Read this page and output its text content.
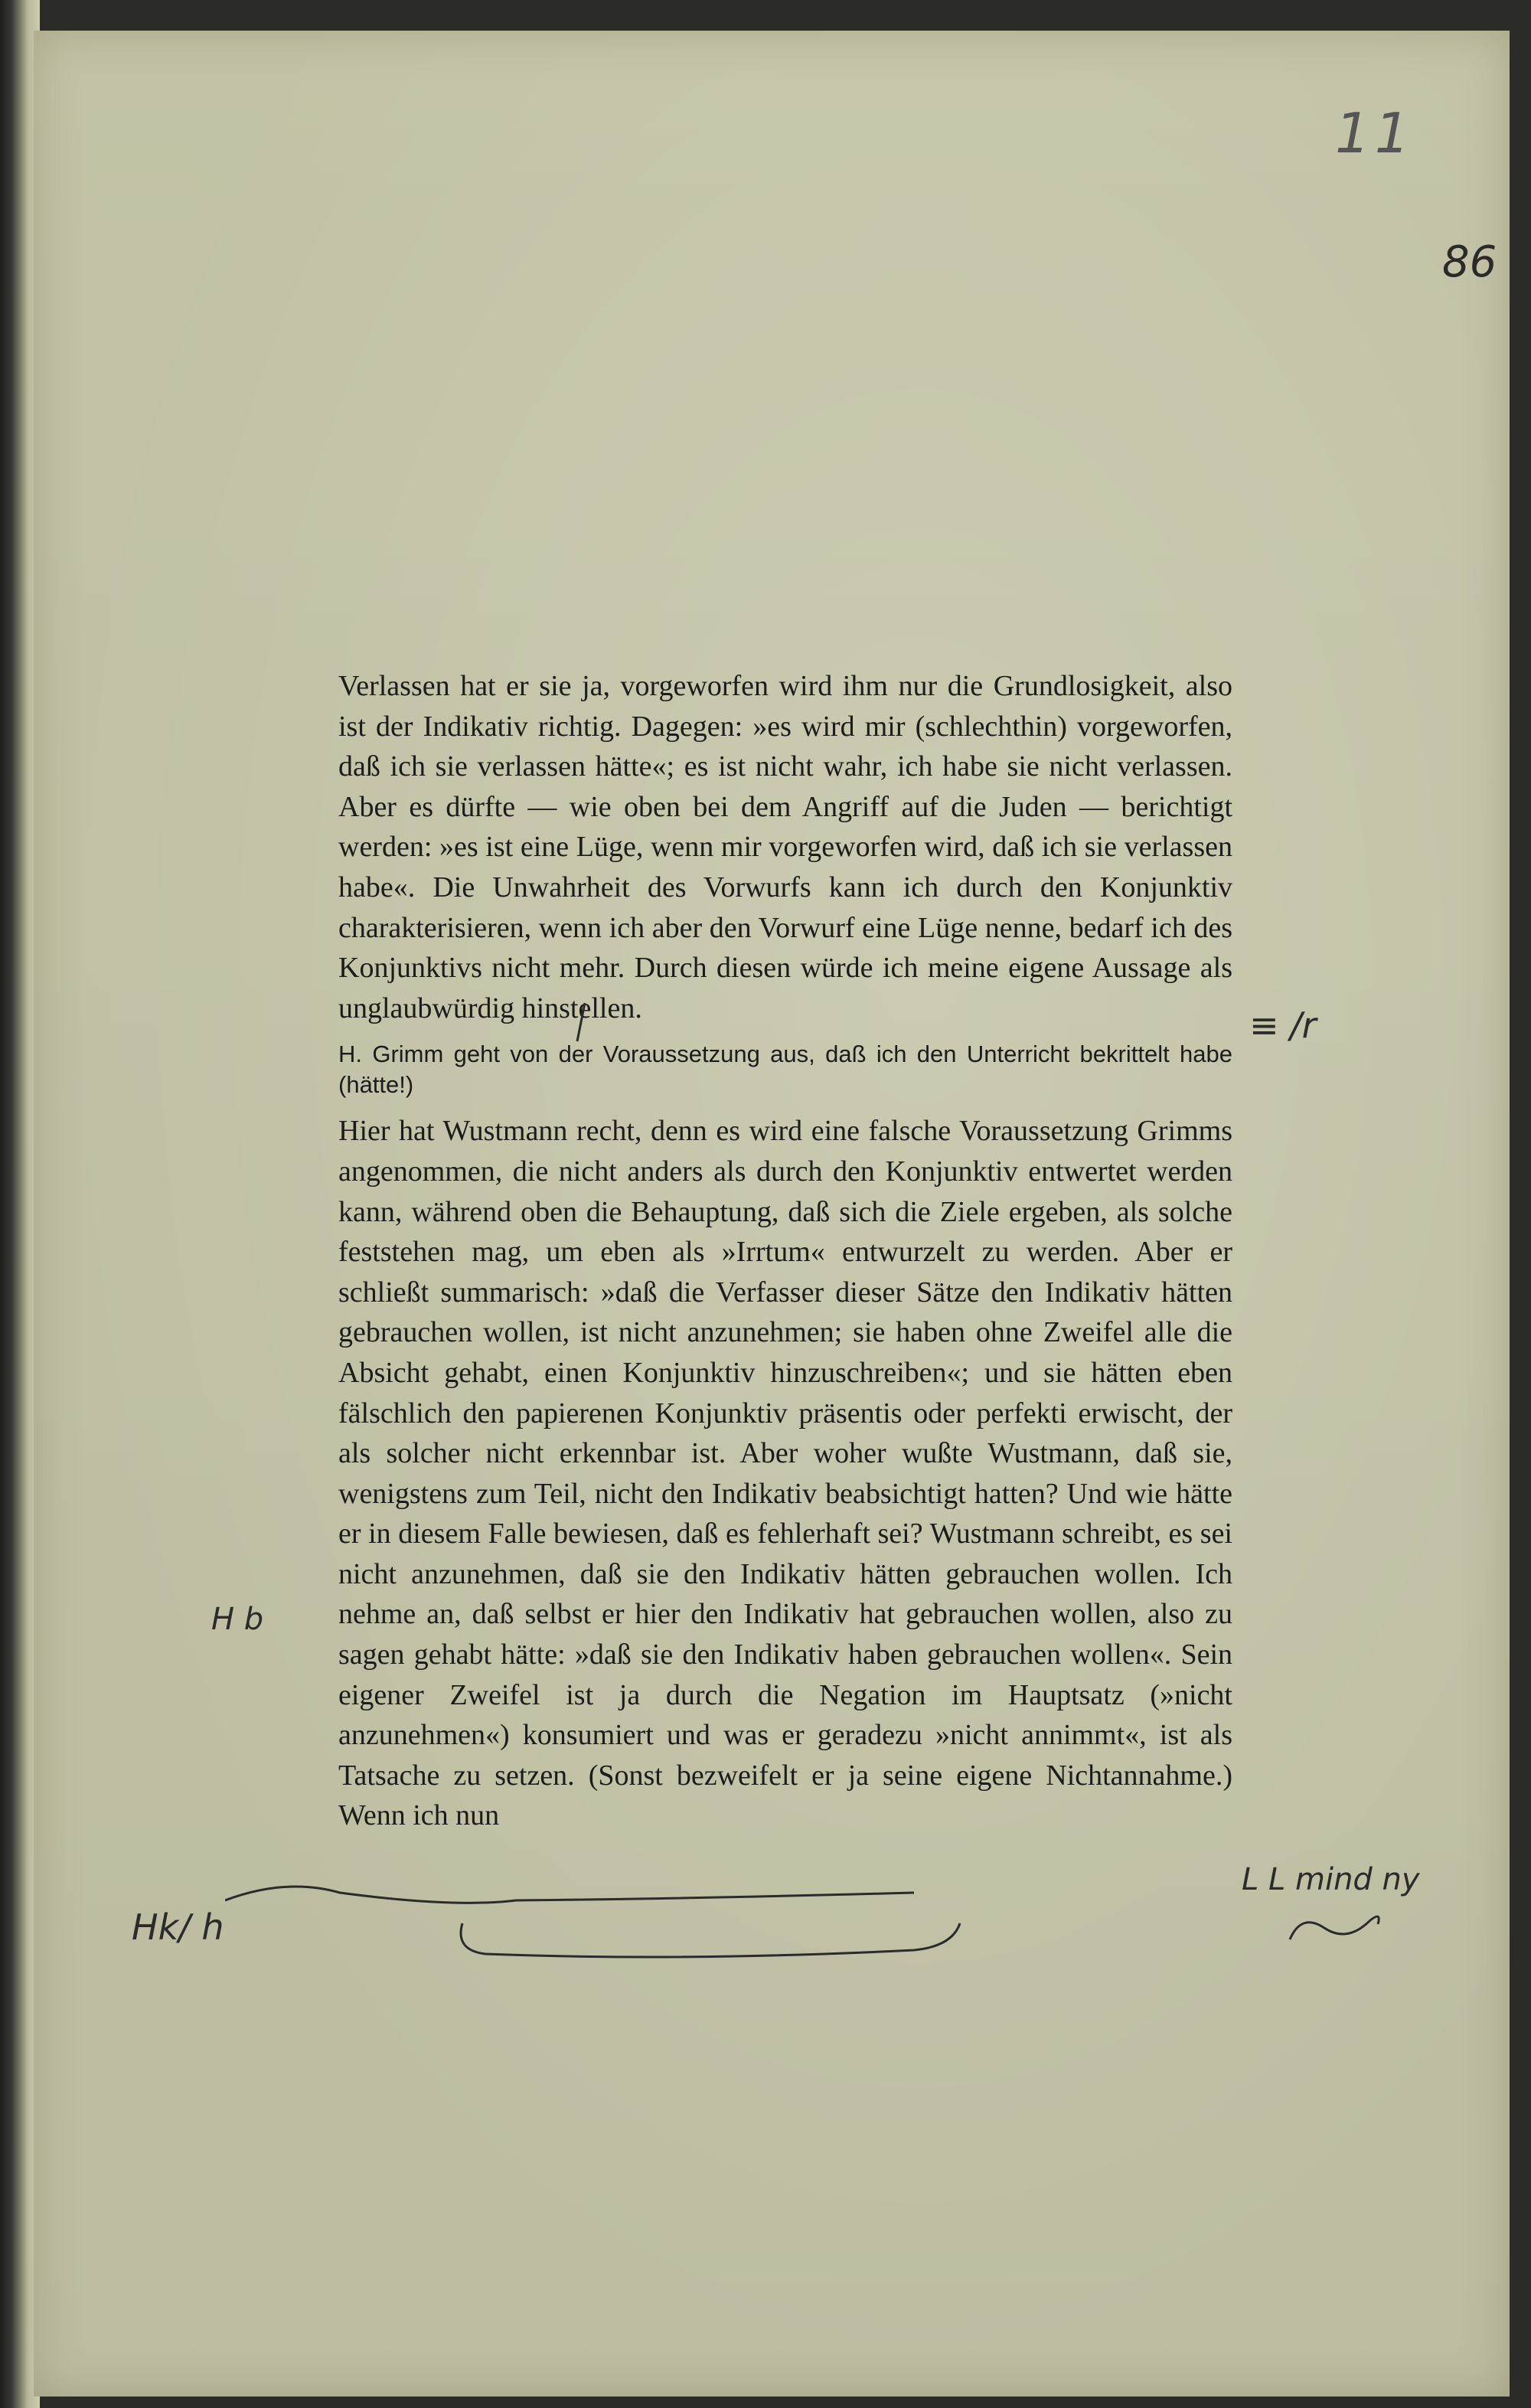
11
86

Verlassen hat er sie ja, vorgeworfen wird ihm nur die Grundlosigkeit, also ist der Indikativ richtig. Dagegen: »es wird mir (schlechthin) vorgeworfen, daß ich sie verlassen hätte«; es ist nicht wahr, ich habe sie nicht verlassen. Aber es dürfte — wie oben bei dem Angriff auf die Juden — berichtigt werden: »es ist eine Lüge, wenn mir vorgeworfen wird, daß ich sie verlassen habe«. Die Unwahrheit des Vorwurfs kann ich durch den Konjunktiv charakterisieren, wenn ich aber den Vorwurf eine Lüge nenne, bedarf ich des Konjunktivs nicht mehr. Durch diesen würde ich meine eigene Aussage als unglaubwürdig hinstellen.

H. Grimm geht von der Voraussetzung aus, daß ich den Unterricht bekrittelt habe (hätte!)

Hier hat Wustmann recht, denn es wird eine falsche Voraussetzung Grimms angenommen, die nicht anders als durch den Konjunktiv entwertet werden kann, während oben die Behauptung, daß sich die Ziele ergeben, als solche feststehen mag, um eben als »Irrtum« entwurzelt zu werden. Aber er schließt summarisch: »daß die Verfasser dieser Sätze den Indikativ hätten gebrauchen wollen, ist nicht anzunehmen; sie haben ohne Zweifel alle die Absicht gehabt, einen Konjunktiv hinzuschreiben«; und sie hätten eben fälschlich den papierenen Konjunktiv präsentis oder perfekti erwischt, der als solcher nicht erkennbar ist. Aber woher wußte Wustmann, daß sie, wenigstens zum Teil, nicht den Indikativ beabsichtigt hatten? Und wie hätte er in diesem Falle bewiesen, daß es fehlerhaft sei? Wustmann schreibt, es sei nicht anzunehmen, daß sie den Indikativ hätten gebrauchen wollen. Ich nehme an, daß selbst er hier den Indikativ hat gebrauchen wollen, also zu sagen gehabt hätte: »daß sie den Indikativ haben gebrauchen wollen«. Sein eigener Zweifel ist ja durch die Negation im Hauptsatz (»nicht anzunehmen«) konsumiert und was er geradezu »nicht annimmt«, ist als Tatsache zu setzen. (Sonst bezweifelt er ja seine eigene Nichtannahme.) Wenn ich nun

≡ /r
H b
Hk/ h
L L mind ny
